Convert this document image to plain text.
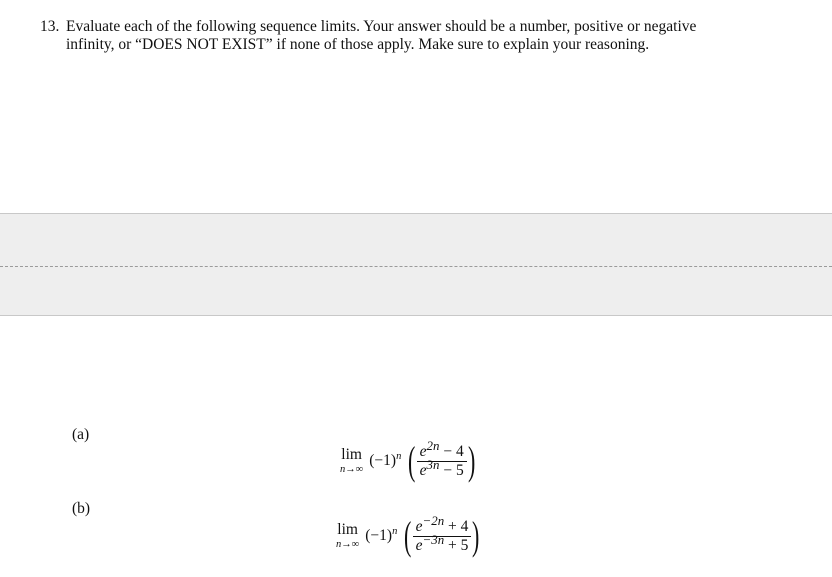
13. Evaluate each of the following sequence limits. Your answer should be a number, positive or negative
infinity, or “DOES NOT EXIST” if none of those apply. Make sure to explain your reasoning.
(a)
lim
n→∞
$(-1)^n$ ( $\frac{e^{2n} - 4}{e^{3n} - 5}$ )
(b)
lim
n→∞
$(-1)^n$ ( $\frac{e^{-2n} + 4}{e^{-3n} + 5}$ )
